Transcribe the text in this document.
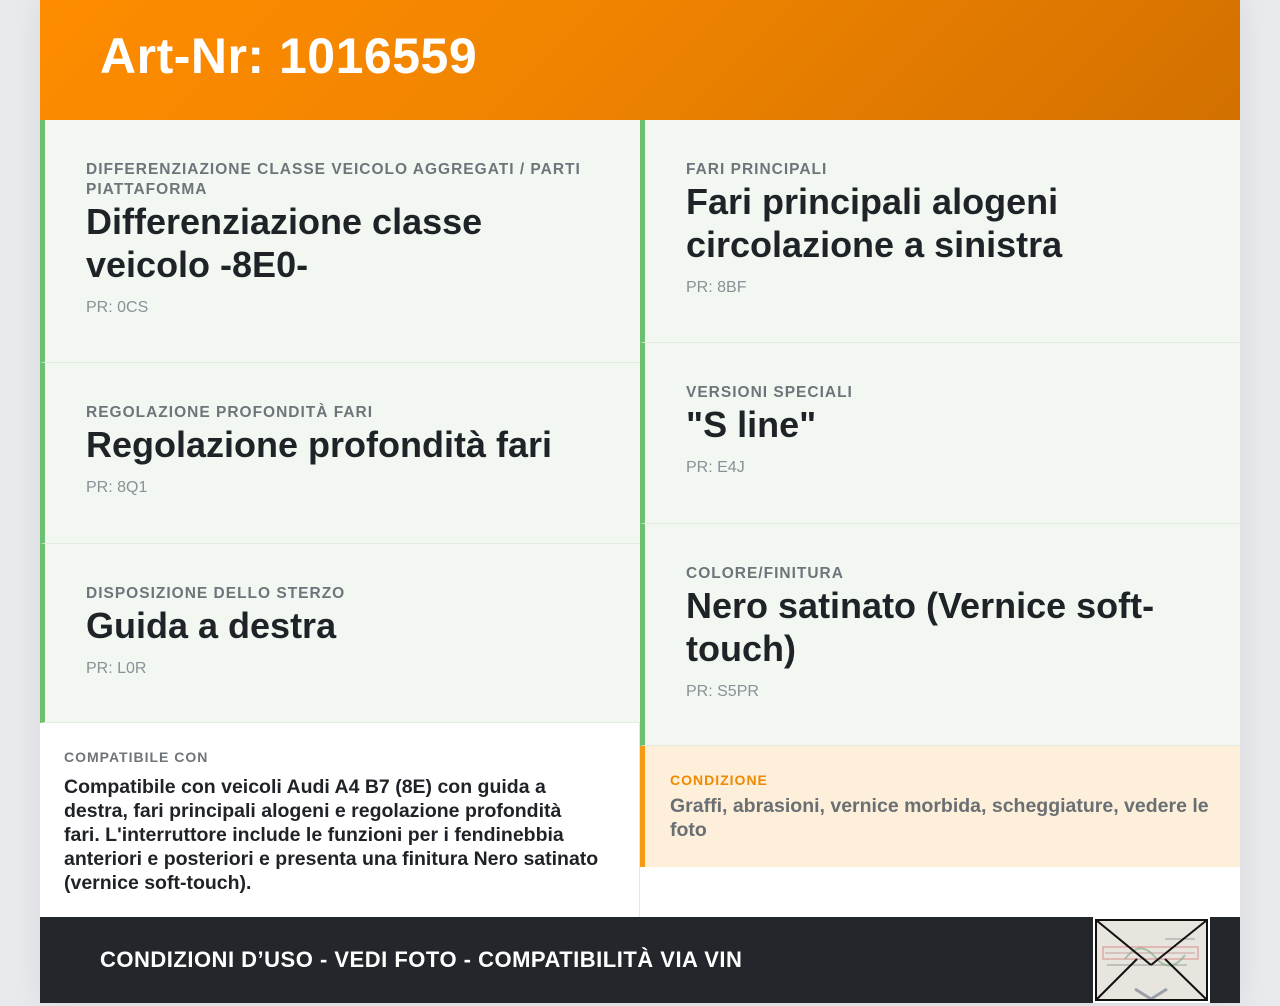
Art-Nr: 1016559
DIFFERENZIAZIONE CLASSE VEICOLO AGGREGATI / PARTI PIATTAFORMA
Differenziazione classe veicolo -8E0-
PR: 0CS
REGOLAZIONE PROFONDITÀ FARI
Regolazione profondità fari
PR: 8Q1
DISPOSIZIONE DELLO STERZO
Guida a destra
PR: L0R
FARI PRINCIPALI
Fari principali alogeni circolazione a sinistra
PR: 8BF
VERSIONI SPECIALI
"S line"
PR: E4J
COLORE/FINITURA
Nero satinato (Vernice soft-touch)
PR: S5PR
COMPATIBILE CON
Compatibile con veicoli Audi A4 B7 (8E) con guida a destra, fari principali alogeni e regolazione profondità fari. L'interruttore include le funzioni per i fendinebbia anteriori e posteriori e presenta una finitura Nero satinato (vernice soft-touch).
CONDIZIONE
Graffi, abrasioni, vernice morbida, scheggiature, vedere le foto
CONDIZIONI D’USO - VEDI FOTO - COMPATIBILITÀ VIA VIN
